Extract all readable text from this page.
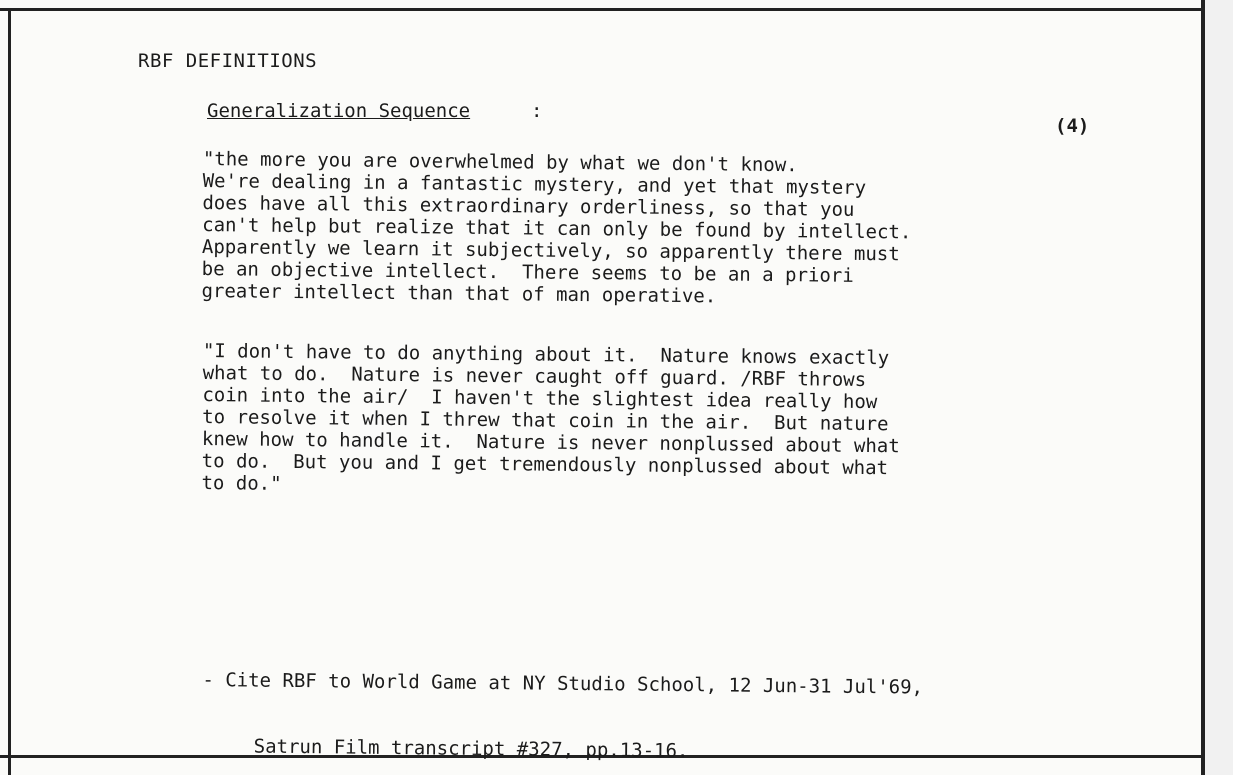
RBF DEFINITIONS
Generalization Sequence	:
(4)
"the more you are overwhelmed by what we don't know.
We're dealing in a fantastic mystery, and yet that mystery
does have all this extraordinary orderliness, so that you
can't help but realize that it can only be found by intellect.
Apparently we learn it subjectively, so apparently there must
be an objective intellect.  There seems to be an a priori
greater intellect than that of man operative.
"I don't have to do anything about it.  Nature knows exactly
what to do.  Nature is never caught off guard. /RBF throws
coin into the air/  I haven't the slightest idea really how
to resolve it when I threw that coin in the air.  But nature
knew how to handle it.  Nature is never nonplussed about what
to do.  But you and I get tremendously nonplussed about what
to do."

- Cite RBF to World Game at NY Studio School, 12 Jun-31 Jul'69,

Satrun Film transcript #327, pp.13-16.
